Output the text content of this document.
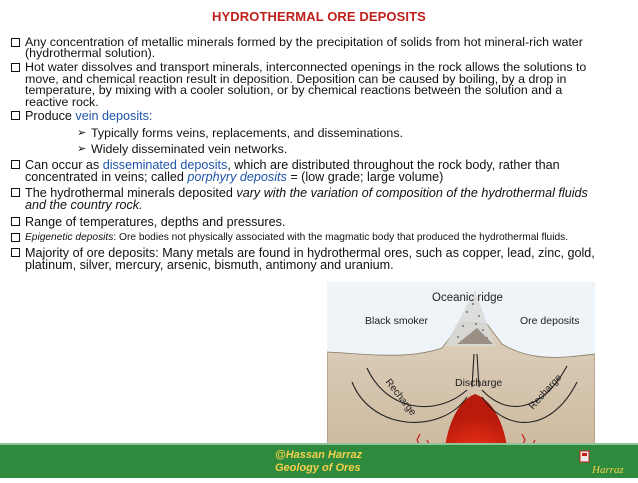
HYDROTHERMAL ORE DEPOSITS
Any concentration of metallic minerals formed by the precipitation of solids from hot mineral-rich water (hydrothermal solution).
Hot water dissolves and transport minerals, interconnected openings in the rock allows the solutions to move, and chemical reaction result in deposition. Deposition can be caused by boiling, by a drop in temperature, by mixing with a cooler solution, or by chemical reactions between the solution and a reactive rock.
Produce vein deposits:
➢ Typically forms veins, replacements, and disseminations.
➢ Widely disseminated vein networks.
Can occur as disseminated deposits, which are distributed throughout the rock body, rather than concentrated in veins; called porphyry deposits = (low grade; large volume)
The hydrothermal minerals deposited vary with the variation of composition of the hydrothermal fluids and the country rock.
Range of temperatures, depths and pressures.
Epigenetic deposits: Ore bodies not physically associated with the magmatic body that produced the hydrothermal fluids.
Majority of ore deposits: Many metals are found in hydrothermal ores, such as copper, lead, zinc, gold, platinum, silver, mercury, arsenic, bismuth, antimony and uranium.
Oceanic ridge
Black smoker	Ore deposits
Recharge	Recharge
Discharge
@Hassan Harraz
Geology of Ores	Harraz
